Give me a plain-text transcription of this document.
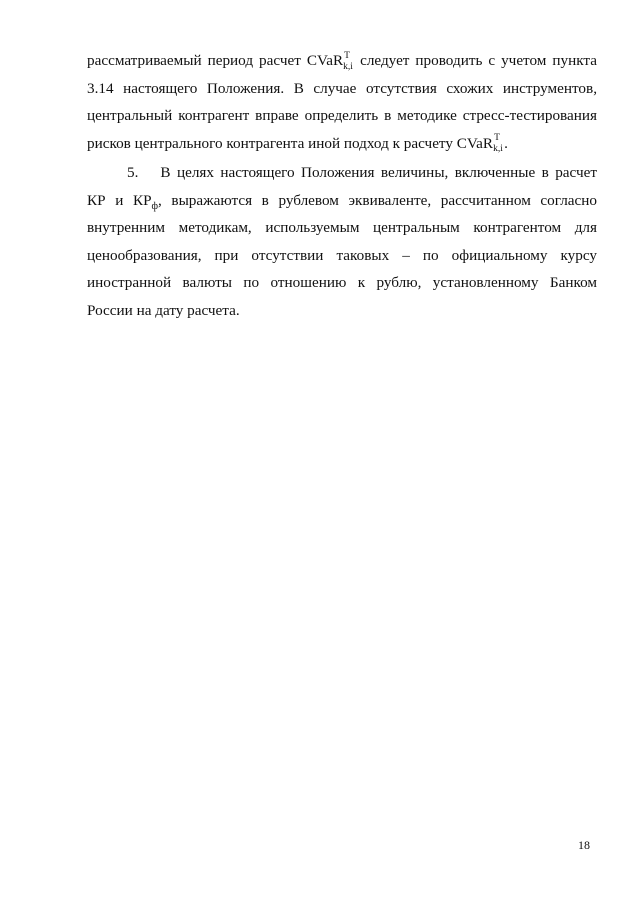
рассматриваемый период расчет CVaR T
k,i следует проводить с учетом пункта
3.14 настоящего Положения. В случае отсутствия схожих инструментов,
центральный контрагент вправе определить в методике стресс-тестирования
рисков центрального контрагента иной подход к расчету CVaR T
k,i .
5. В целях настоящего Положения величины, включенные в расчет
КР и $КР_ф$, выражаются в рублевом эквиваленте, рассчитанном согласно
внутренним методикам, используемым центральным контрагентом для
ценообразования, при отсутствии таковых – по официальному курсу
иностранной валюты по отношению к рублю, установленному Банком
России на дату расчета.
18
